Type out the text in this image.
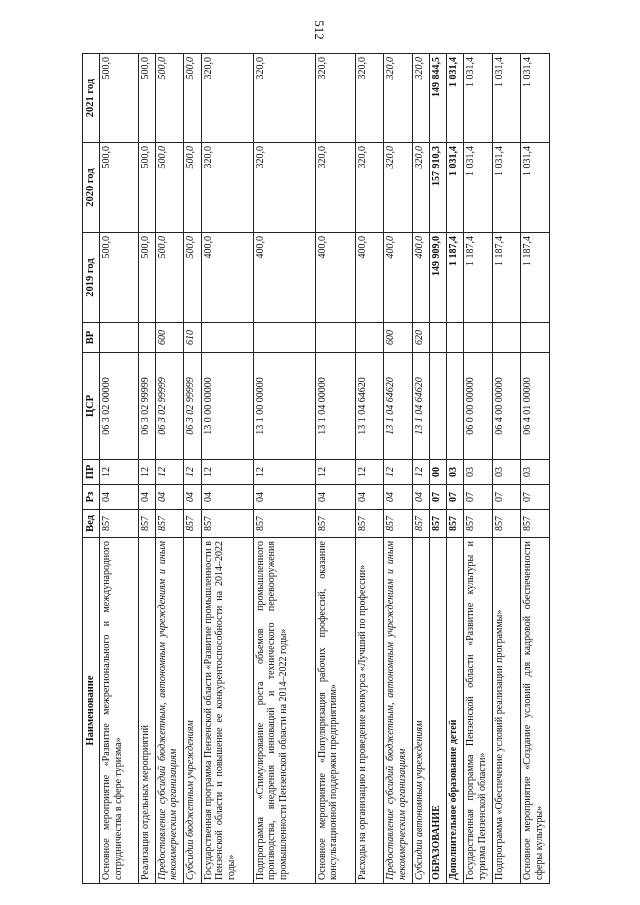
512
Наименование	Вед	Рз	ПР	ЦСР	ВР	2019 год	2020 год	2021 год
Основное мероприятие «Развитие межрегионального и международного сотрудничества в сфере туризма»	857	04	12	06 3 02 00000		500,0	500,0	500,0
Реализация отдельных мероприятий	857	04	12	06 3 02 99999		500,0	500,0	500,0
Предоставление субсидий бюджетным, автономным учреждениям и иным некоммерческим организациям	857	04	12	06 3 02 99999	600	500,0	500,0	500,0
Субсидии бюджетным учреждениям	857	04	12	06 3 02 99999	610	500,0	500,0	500,0
Государственная программа Пензенской области «Развитие промышленности в Пензенской области и повышение ее конкурентоспособности на 2014–2022 годы»	857	04	12	13 0 00 00000		400,0	320,0	320,0
Подпрограмма «Стимулирование роста объемов промышленного производства, внедрения инноваций и технического перевооружения промышленности Пензенской области на 2014–2022 годы»	857	04	12	13 1 00 00000		400,0	320,0	320,0
Основное мероприятие «Популяризация рабочих профессий, оказание консультационной поддержки предприятиям»	857	04	12	13 1 04 00000		400,0	320,0	320,0
Расходы на организацию и проведение конкурса «Лучший по профессии»	857	04	12	13 1 04 64620		400,0	320,0	320,0
Предоставление субсидий бюджетным, автономным учреждениям и иным некоммерческим организациям	857	04	12	13 1 04 64620	600	400,0	320,0	320,0
Субсидии автономным учреждениям	857	04	12	13 1 04 64620	620	400,0	320,0	320,0
ОБРАЗОВАНИЕ	857	07	00			149 909,0	157 910,3	149 844,5
Дополнительное образование детей	857	07	03			1 187,4	1 031,4	1 031,4
Государственная программа Пензенской области «Развитие культуры и туризма Пензенской области»	857	07	03	06 0 00 00000		1 187,4	1 031,4	1 031,4
Подпрограмма «Обеспечение условий реализации программы»	857	07	03	06 4 00 00000		1 187,4	1 031,4	1 031,4
Основное мероприятие «Создание условий для кадровой обеспеченности сферы культуры»	857	07	03	06 4 01 00000		1 187,4	1 031,4	1 031,4
